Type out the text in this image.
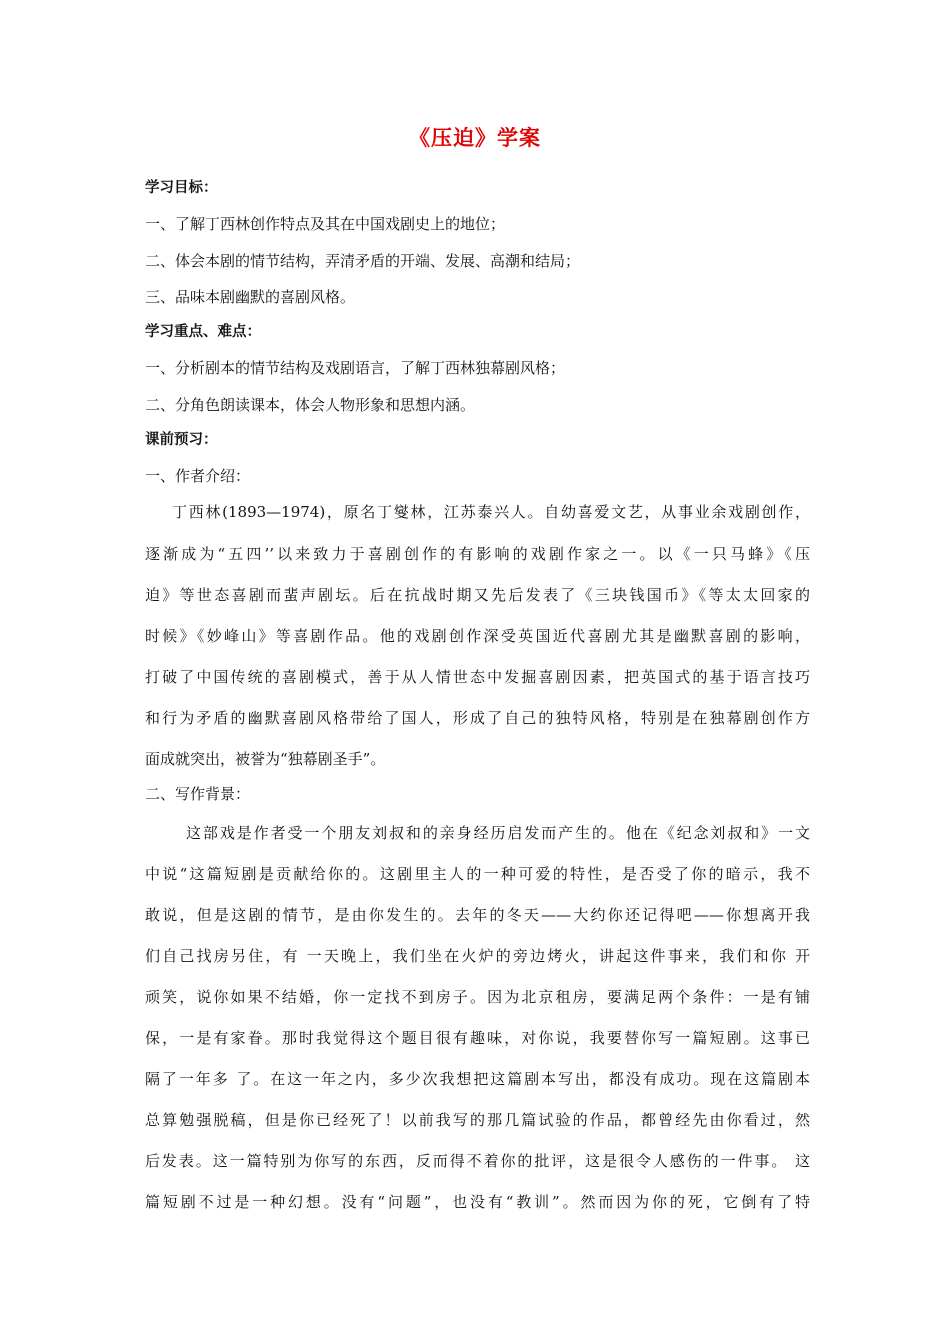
《压迫》学案
学习目标：
一、了解丁西林创作特点及其在中国戏剧史上的地位；
二、体会本剧的情节结构，弄清矛盾的开端、发展、高潮和结局；
三、品味本剧幽默的喜剧风格。
学习重点、难点：
一、分析剧本的情节结构及戏剧语言，了解丁西林独幕剧风格；
二、分角色朗读课本，体会人物形象和思想内涵。
课前预习：
一、作者介绍：
丁西林(1893—1974)，原名丁燮林，江苏泰兴人。自幼喜爱文艺，从事业余戏剧创作，
逐渐成为“五四’’以来致力于喜剧创作的有影响的戏剧作家之一。以《一只马蜂》《压
迫》等世态喜剧而蜚声剧坛。后在抗战时期又先后发表了《三块钱国币》《等太太回家的
时候》《妙峰山》等喜剧作品。他的戏剧创作深受英国近代喜剧尤其是幽默喜剧的影响，
打破了中国传统的喜剧模式，善于从人情世态中发掘喜剧因素，把英国式的基于语言技巧
和行为矛盾的幽默喜剧风格带给了国人，形成了自己的独特风格，特别是在独幕剧创作方
面成就突出，被誉为“独幕剧圣手”。
二、写作背景：
这部戏是作者受一个朋友刘叔和的亲身经历启发而产生的。他在《纪念刘叔和》一文
中说“这篇短剧是贡献给你的。这剧里主人的一种可爱的特性，是否受了你的暗示，我不
敢说，但是这剧的情节，是由你发生的。去年的冬天——大约你还记得吧——你想离开我
们自己找房另住，有 一天晚上，我们坐在火炉的旁边烤火，讲起这件事来，我们和你 开
顽笑，说你如果不结婚，你一定找不到房子。因为北京租房，要满足两个条件：一是有铺
保，一是有家眷。那时我觉得这个题目很有趣味，对你说，我要替你写一篇短剧。这事已
隔了一年多 了。在这一年之内，多少次我想把这篇剧本写出，都没有成功。现在这篇剧本
总算勉强脱稿，但是你已经死了！以前我写的那几篇试验的作品，都曾经先由你看过，然
后发表。这一篇特别为你写的东西，反而得不着你的批评，这是很令人感伤的一件事。 这
篇短剧不过是一种幻想。没有“问题”，也没有“教训”。然而因为你的死，它倒有了特
